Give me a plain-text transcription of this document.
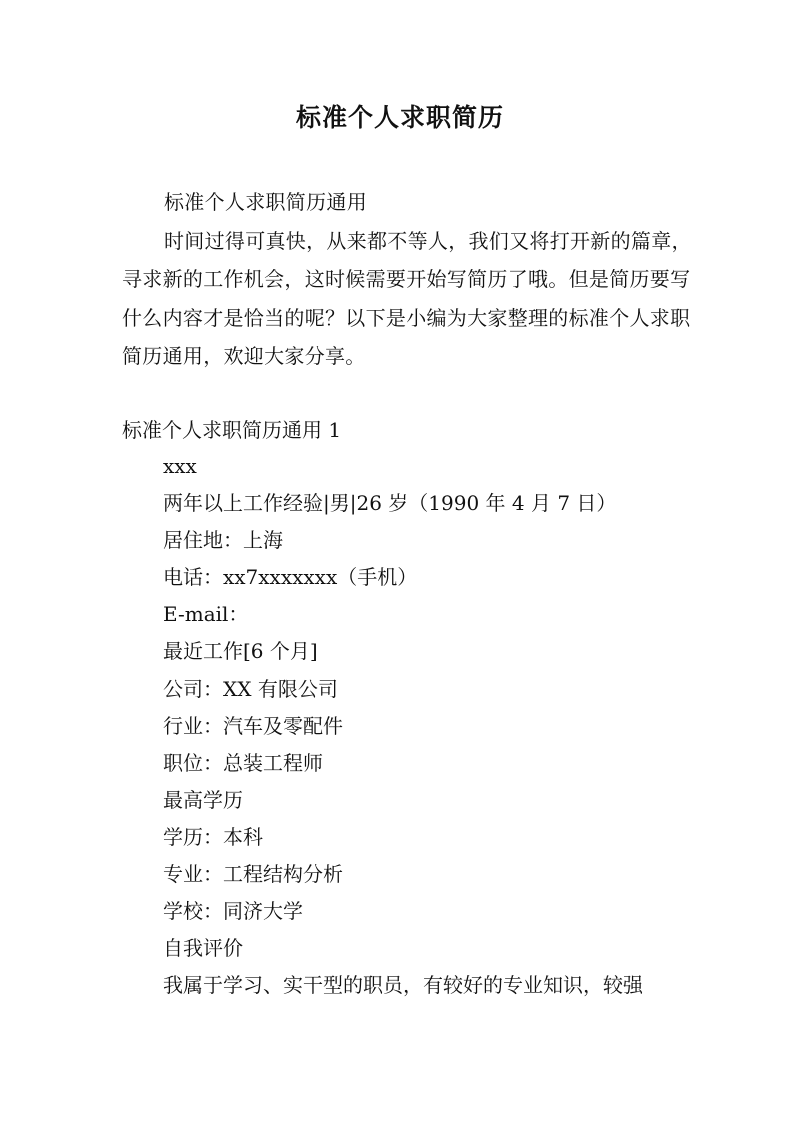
标准个人求职简历

标准个人求职简历通用

时间过得可真快，从来都不等人，我们又将打开新的篇章，寻求新的工作机会，这时候需要开始写简历了哦。但是简历要写什么内容才是恰当的呢？以下是小编为大家整理的标准个人求职简历通用，欢迎大家分享。

标准个人求职简历通用 1

xxx
两年以上工作经验|男|26 岁（1990 年 4 月 7 日）
居住地：上海
电话：xx7xxxxxxx（手机）
E-mail：
最近工作[6 个月]
公司：XX 有限公司
行业：汽车及零配件
职位：总装工程师
最高学历
学历：本科
专业：工程结构分析
学校：同济大学
自我评价
我属于学习、实干型的职员，有较好的专业知识，较强
